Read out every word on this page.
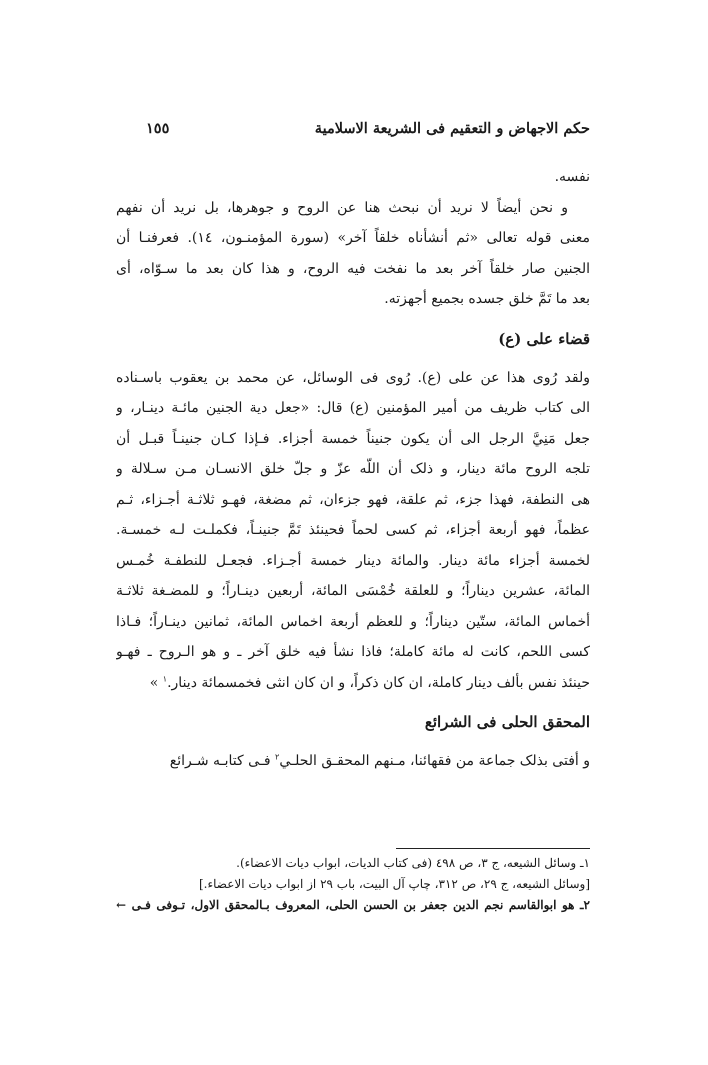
حكم الاجهاض و التعقيم فى الشريعة الاسلامية
١٥٥
نفسه.
و نحن أيضاً لا نريد أن نبحث هنا عن الروح و جوهرها، بل نريد أن نفهم
معنى قوله تعالى «ثم أنشأناه خلقاً آخر» (سورة المؤمنـون، ١٤). فعرفنـا أن
الجنين صار خلقاً آخر بعد ما نفخت فيه الروح، و هذا كان بعد ما سـوّاه، أى
بعد ما تَمَّ خلق جسده بجميع أجهزته.
قضاء على (ع)
ولقد رُوى هذا عن على (ع). رُوى فى الوسائل، عن محمد بن يعقوب باسـناده
الى كتاب ظريف من أمير المؤمنين (ع) قال: «جعل دية الجنين مائـة دينـار، و
جعل مَنِيَّ الرجل الى أن يكون جنيناً خمسة أجزاء. فـإذا كـان جنينـاً قبـل أن
تلجه الروح مائة دينار، و ذلک أن اللّه عزّ و جلّ خلق الانسـان مـن سـلالة و
هى النطفة، فهذا جزء، ثم علقة، فهو جزءان، ثم مضغة، فهـو ثلاثـة أجـزاء، ثـم
عظماً، فهو أربعة أجزاء، ثم كسى لحماً فحينئذ تَمَّ جنينـاً، فكملـت لـه خمسـة.
لخمسة أجزاء مائة دينار. والمائة دينار خمسة أجـزاء. فجعـل للنطفـة خُمـس
المائة، عشرين ديناراً؛ و للعلقة خُمْسَى المائة، أربعين دينـاراً؛ و للمضـغة ثلاثـة
أخماس المائة، ستّين ديناراً؛ و للعظم أربعة اخماس المائة، ثمانين دينـاراً؛ فـاذا
كسى اللحم، كانت له مائة كاملة؛ فاذا نشأ فيه خلق آخر ـ و هو الـروح ـ فهـو
حينئذ نفس بألف دينار كاملة، ان كان ذكراً، و ان كان انثى فخمسمائة دينار.$^١$ »
المحقق الحلى فى الشرائع
و أفتى بذلک جماعة من فقهائنا، مـنهم المحقـق الحلـي$^٢$ فـى كتابـه شـرائع
١ـ وسائل الشيعه، ج ٣، ص ٤٩٨ (فى كتاب الديات، ابواب ديات الاعضاء).
[وسائل الشيعه، ج ٢٩، ص ٣١٢، چاپ آل البيت، باب ٢٩ از ابواب ديات الاعضاء.]
٢ـ هو ابوالقاسم نجم الدين جعفر بن الحسن الحلى، المعروف بـالمحقق الاول، تـوفى فـى ←
